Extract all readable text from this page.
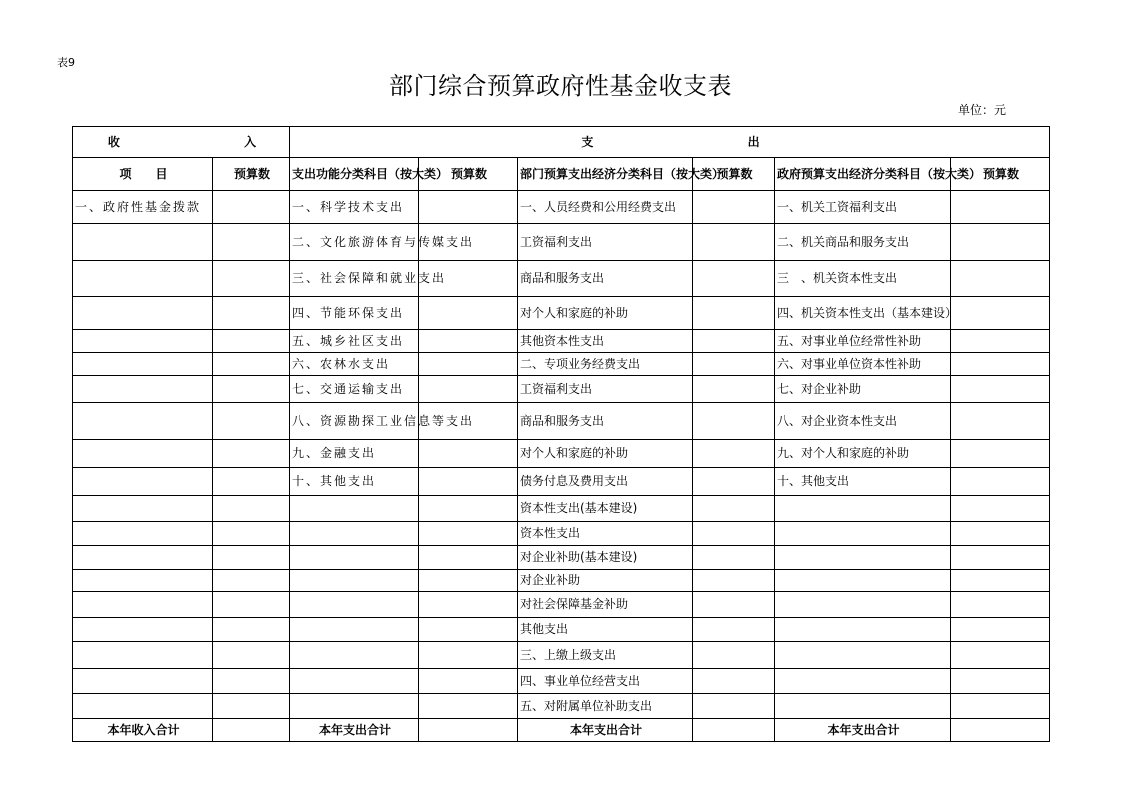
表9
部门综合预算政府性基金收支表
单位：元
收 入		支 出					
项　　目	预算数	支出功能分类科目（按大类）	预算数	部门预算支出经济分类科目（按大类）	预算数	政府预算支出经济分类科目（按大类）	预算数
一、政府性基金拨款		一、科学技术支出		一、人员经费和公用经费支出		一、机关工资福利支出	
		二、文化旅游体育与传媒支出		工资福利支出		二、机关商品和服务支出	
		三、社会保障和就业支出		商品和服务支出		三　、机关资本性支出	
		四、节能环保支出		对个人和家庭的补助		四、机关资本性支出（基本建设）	
		五、城乡社区支出		其他资本性支出		五、对事业单位经常性补助	
		六、农林水支出		二、专项业务经费支出		六、对事业单位资本性补助	
		七、交通运输支出		工资福利支出		七、对企业补助	
		八、资源勘探工业信息等支出		商品和服务支出		八、对企业资本性支出	
		九、金融支出		对个人和家庭的补助		九、对个人和家庭的补助	
		十、其他支出		债务付息及费用支出		十、其他支出	
				资本性支出(基本建设)			
				资本性支出			
				对企业补助(基本建设)			
				对企业补助			
				对社会保障基金补助			
				其他支出			
				三、上缴上级支出			
				四、事业单位经营支出			
				五、对附属单位补助支出			
本年收入合计		本年支出合计		本年支出合计		本年支出合计	
